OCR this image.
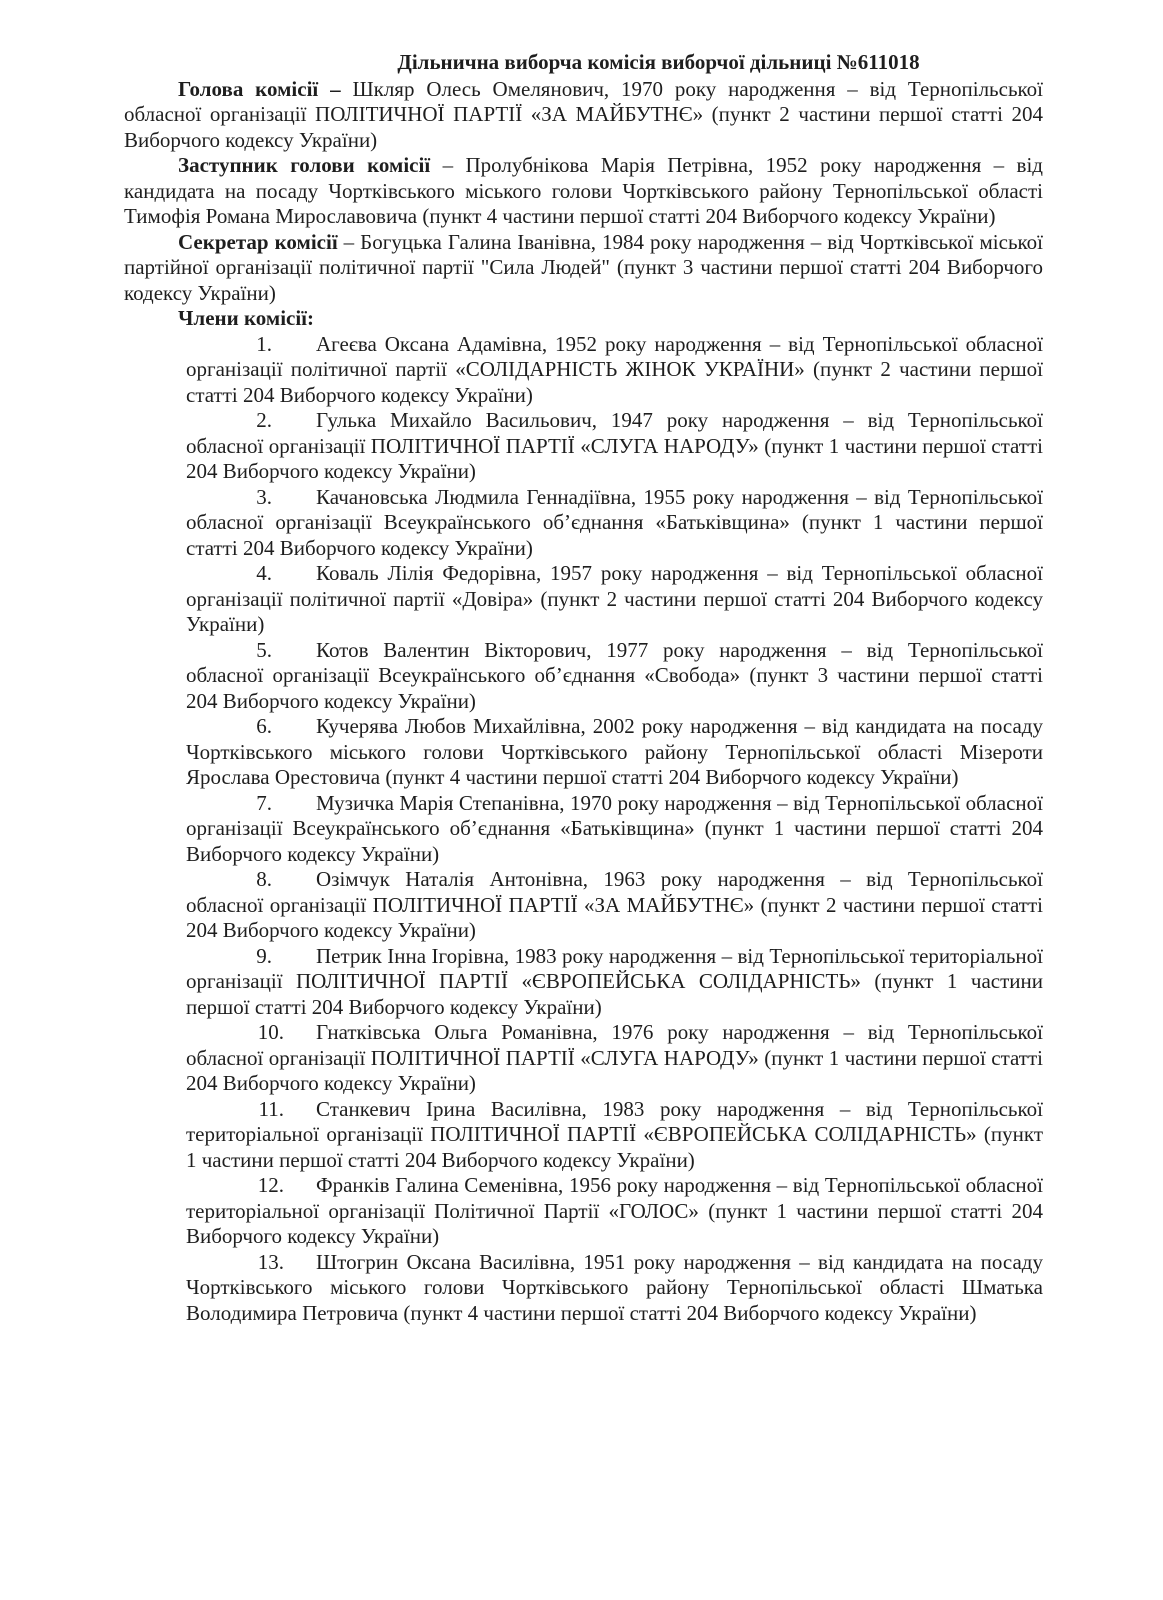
Дільнична виборча комісія виборчої дільниці №611018

Голова комісії – Шкляр Олесь Омелянович, 1970 року народження – від Тернопільської обласної організації ПОЛІТИЧНОЇ ПАРТІЇ «ЗА МАЙБУТНЄ» (пункт 2 частини першої статті 204 Виборчого кодексу України)

Заступник голови комісії – Пролубнікова Марія Петрівна, 1952 року народження – від кандидата на посаду Чортківського міського голови Чортківського району Тернопільської області Тимофія Романа Мирославовича (пункт 4 частини першої статті 204 Виборчого кодексу України)

Секретар комісії – Богуцька Галина Іванівна, 1984 року народження – від Чортківської міської партійної організації політичної партії "Сила Людей" (пункт 3 частини першої статті 204 Виборчого кодексу України)

Члени комісії:

1. Агеєва Оксана Адамівна, 1952 року народження – від Тернопільської обласної організації політичної партії «СОЛІДАРНІСТЬ ЖІНОК УКРАЇНИ» (пункт 2 частини першої статті 204 Виборчого кодексу України)
2. Гулька Михайло Васильович, 1947 року народження – від Тернопільської обласної організації ПОЛІТИЧНОЇ ПАРТІЇ «СЛУГА НАРОДУ» (пункт 1 частини першої статті 204 Виборчого кодексу України)
3. Качановська Людмила Геннадіївна, 1955 року народження – від Тернопільської обласної організації Всеукраїнського об’єднання «Батьківщина» (пункт 1 частини першої статті 204 Виборчого кодексу України)
4. Коваль Лілія Федорівна, 1957 року народження – від Тернопільської обласної організації політичної партії «Довіра» (пункт 2 частини першої статті 204 Виборчого кодексу України)
5. Котов Валентин Вікторович, 1977 року народження – від Тернопільської обласної організації Всеукраїнського об’єднання «Свобода» (пункт 3 частини першої статті 204 Виборчого кодексу України)
6. Кучерява Любов Михайлівна, 2002 року народження – від кандидата на посаду Чортківського міського голови Чортківського району Тернопільської області Мізероти Ярослава Орестовича (пункт 4 частини першої статті 204 Виборчого кодексу України)
7. Музичка Марія Степанівна, 1970 року народження – від Тернопільської обласної організації Всеукраїнського об’єднання «Батьківщина» (пункт 1 частини першої статті 204 Виборчого кодексу України)
8. Озімчук Наталія Антонівна, 1963 року народження – від Тернопільської обласної організації ПОЛІТИЧНОЇ ПАРТІЇ «ЗА МАЙБУТНЄ» (пункт 2 частини першої статті 204 Виборчого кодексу України)
9. Петрик Інна Ігорівна, 1983 року народження – від Тернопільської територіальної організації ПОЛІТИЧНОЇ ПАРТІЇ «ЄВРОПЕЙСЬКА СОЛІДАРНІСТЬ» (пункт 1 частини першої статті 204 Виборчого кодексу України)
10. Гнатківська Ольга Романівна, 1976 року народження – від Тернопільської обласної організації ПОЛІТИЧНОЇ ПАРТІЇ «СЛУГА НАРОДУ» (пункт 1 частини першої статті 204 Виборчого кодексу України)
11. Станкевич Ірина Василівна, 1983 року народження – від Тернопільської територіальної організації ПОЛІТИЧНОЇ ПАРТІЇ «ЄВРОПЕЙСЬКА СОЛІДАРНІСТЬ» (пункт 1 частини першої статті 204 Виборчого кодексу України)
12. Франків Галина Семенівна, 1956 року народження – від Тернопільської обласної територіальної організації Політичної Партії «ГОЛОС» (пункт 1 частини першої статті 204 Виборчого кодексу України)
13. Штогрин Оксана Василівна, 1951 року народження – від кандидата на посаду Чортківського міського голови Чортківського району Тернопільської області Шматька Володимира Петровича (пункт 4 частини першої статті 204 Виборчого кодексу України)
